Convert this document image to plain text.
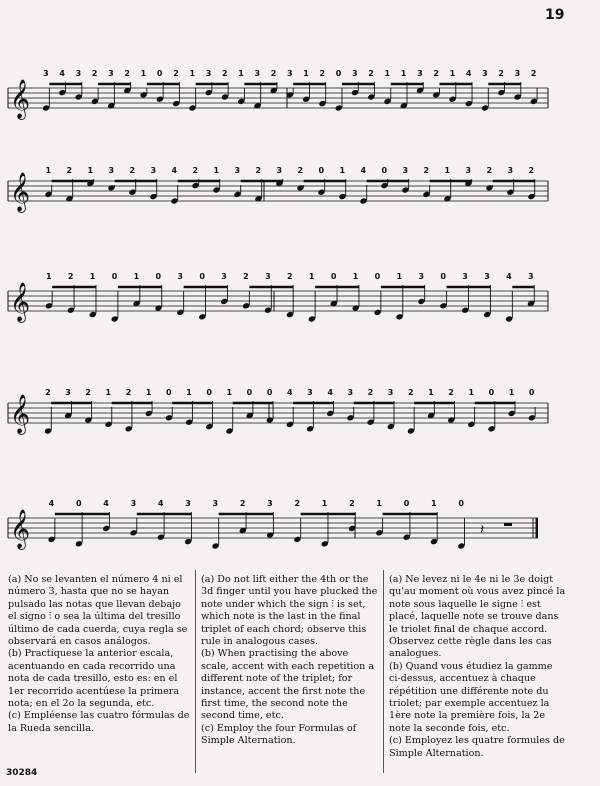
19
𝄞
3 4 3 2 3 2 1 0 2 1 3 2 1 3 2 3 1 2 0 3 2 1 1 3 2 1 4 3 2 3 2
𝄞
1 2 1 3 2 3 4 2 1 3 2 3 2 0 1 4 0 3 2 1 3 2 3 2
𝄞
1 2 1 0 1 0 3 0 3 2 3 2 1 0 1 0 1 3 0 3 3 4 3
𝄞
2 3 2 1 2 1 0 1 0 1 0 0 4 3 4 3 2 3 2 1 2 1 0 1 0
𝄞
4	0	4	3	4	3	3	2	3	2	1	2	1	0	1	0
𝄽

(a) No se levanten el número 4 ni el número 3, hasta que no se hayan pulsado las notas que llevan debajo el signo ⫶ o sea la última del tresillo último de cada cuerda, cuya regla se observará en casos análogos.

(b) Practíquese la anterior escala, acentuando en cada recorrido una nota de cada tresillo, esto es: en el 1er recorrido acentúese la primera nota; en el 2o la segunda, etc.

(c) Empléense las cuatro fórmulas de la Rueda sencilla.

(a) Do not lift either the 4th or the 3d finger until you have plucked the note under which the sign ⫶ is set, which note is the last in the final triplet of each chord; observe this rule in analogous cases.

(b) When practising the above scale, accent with each repetition a different note of the triplet; for instance, accent the first note the first time, the second note the second time, etc.

(c) Employ the four Formulas of Simple Alternation.

(a) Ne levez ni le 4e ni le 3e doigt qu'au moment où vous avez pincé la note sous laquelle le signe ⫶ est placé, laquelle note se trouve dans le triolet final de chaque accord. Observez cette règle dans les cas analogues.

(b) Quand vous étudiez la gamme ci-dessus, accentuez à chaque répétition une différente note du triolet; par exemple accentuez la 1ère note la première fois, la 2e note la seconde fois, etc.

(c) Employez les quatre formules de Simple Alternation.

30284
